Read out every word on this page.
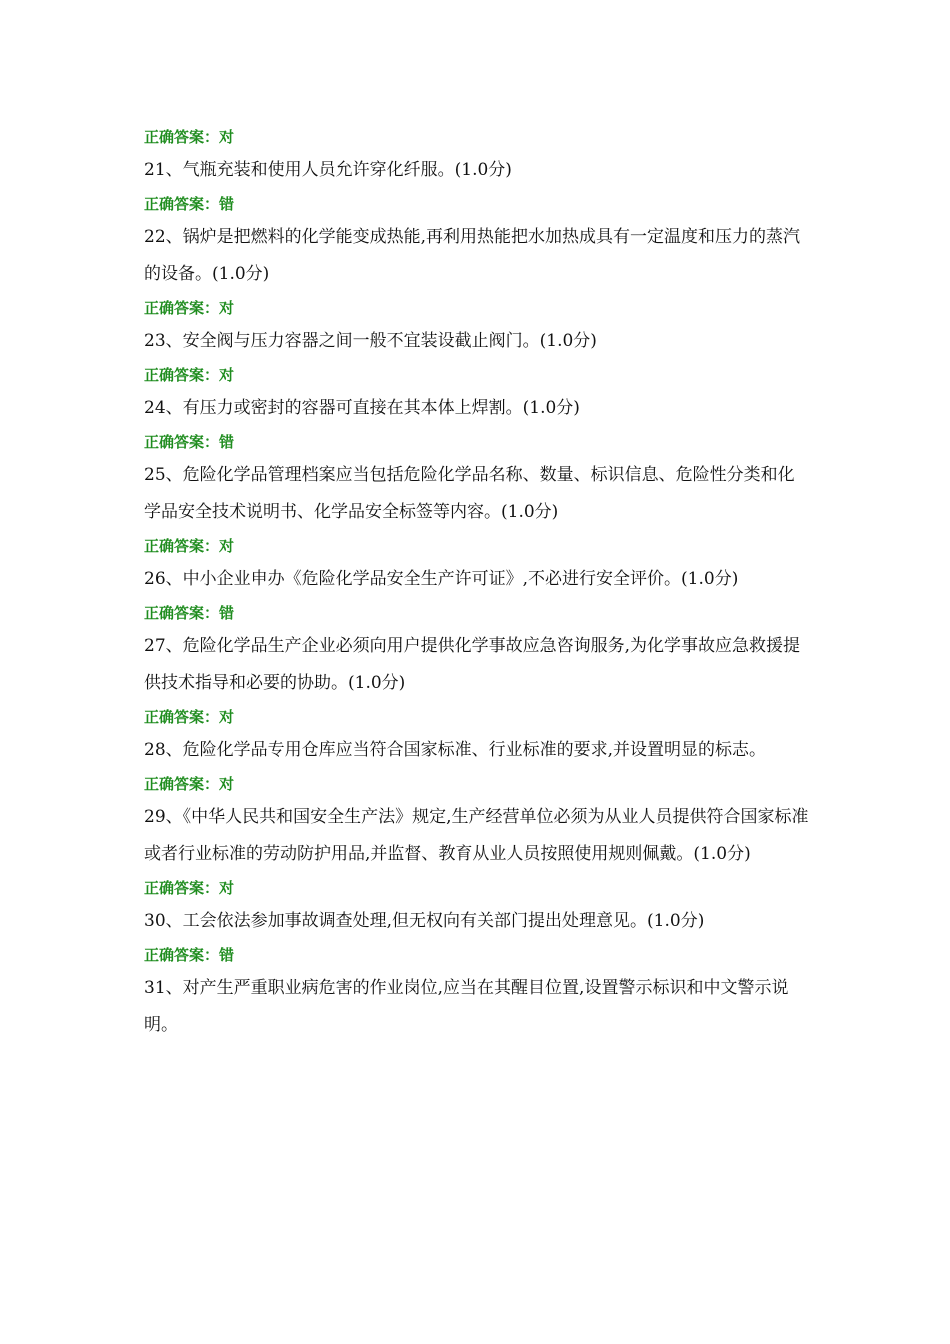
正确答案：对

21、气瓶充装和使用人员允许穿化纤服。(1.0分)

正确答案：错

22、锅炉是把燃料的化学能变成热能,再利用热能把水加热成具有一定温度和压力的蒸汽的设备。(1.0分)

正确答案：对

23、安全阀与压力容器之间一般不宜装设截止阀门。(1.0分)

正确答案：对

24、有压力或密封的容器可直接在其本体上焊割。(1.0分)

正确答案：错

25、危险化学品管理档案应当包括危险化学品名称、数量、标识信息、危险性分类和化学品安全技术说明书、化学品安全标签等内容。(1.0分)

正确答案：对

26、中小企业申办《危险化学品安全生产许可证》,不必进行安全评价。(1.0分)

正确答案：错

27、危险化学品生产企业必须向用户提供化学事故应急咨询服务,为化学事故应急救援提供技术指导和必要的协助。(1.0分)

正确答案：对

28、危险化学品专用仓库应当符合国家标准、行业标准的要求,并设置明显的标志。

正确答案：对

29、《中华人民共和国安全生产法》规定,生产经营单位必须为从业人员提供符合国家标准或者行业标准的劳动防护用品,并监督、教育从业人员按照使用规则佩戴。(1.0分)

正确答案：对

30、工会依法参加事故调查处理,但无权向有关部门提出处理意见。(1.0分)

正确答案：错

31、对产生严重职业病危害的作业岗位,应当在其醒目位置,设置警示标识和中文警示说明。
